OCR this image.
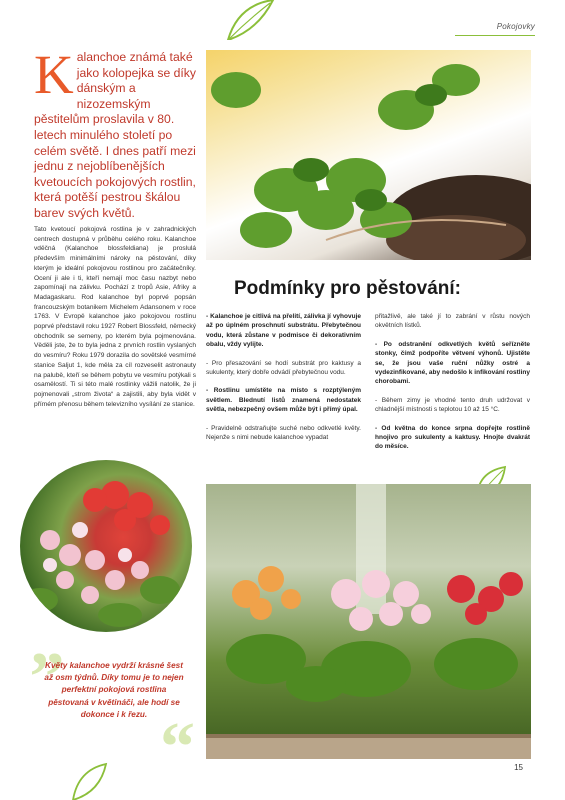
Pokojovky
Kalanchoe známá také jako kolopejka se díky dánským a nizozemským pěstitelům proslavila v 80. letech minulého století po celém světě. I dnes patří mezi jednu z nejoblíbenějších kvetoucích pokojových rostlin, která potěší pestrou škálou barev svých květů.

Tato kvetoucí pokojová rostlina je v zahradnických centrech dostupná v průběhu celého roku. Kalanchoe vděčná (Kalanchoe blossfeldiana) je proslulá především minimálními nároky na pěstování, díky kterým je ideální pokojovou rostlinou pro začátečníky. Ocení ji ale i ti, kteří nemají moc času nazbyt nebo zapomínají na zálivku. Pochází z tropů Asie, Afriky a Madagaskaru. Rod kalanchoe byl poprvé popsán francouzským botanikem Michelem Adansonem v roce 1763. V Evropě kalanchoe jako pokojovou rostlinu poprvé představil roku 1927 Robert Blossfeld, německý obchodník se semeny, po kterém byla pojmenována. Věděli jste, že to byla jedna z prvních rostlin vyslaných do vesmíru? Roku 1979 dorazila do sovětské vesmírné stanice Saljut 1, kde měla za cíl rozveselit astronauty na palubě, kteří se během pobytu ve vesmíru potýkali s osamělostí. Ti si této malé rostlinky vážili natolik, že ji pojmenovali „strom života“ a zajistili, aby byla vidět v přímém přenosu během televizního vysílání ze stanice.

Podmínky pro pěstování:

- Kalanchoe je citlivá na přelití, zálivka jí vyhovuje až po úplném proschnutí substrátu. Přebytečnou vodu, která zůstane v podmisce či dekorativním obalu, vždy vylijte.

- Pro přesazování se hodí substrát pro kaktusy a sukulenty, který dobře odvádí přebytečnou vodu.

- Rostlinu umístěte na místo s rozptýleným světlem. Blednutí listů znamená nedostatek světla, nebezpečný ovšem může být i přímý úpal.

- Pravidelně odstraňujte suché nebo odkvetlé květy. Nejenže s nimi nebude kalanchoe vypadat

přitažlivě, ale také jí to zabrání v růstu nových okvětních lístků.

- Po odstranění odkvetlých květů seřízněte stonky, čímž podpoříte větvení výhonů. Ujistěte se, že jsou vaše ruční nůžky ostré a vydezinfikované, aby nedošlo k infikování rostliny chorobami.

- Během zimy je vhodné tento druh udržovat v chladnější místnosti s teplotou 10 až 15 °C.

- Od května do konce srpna dopřejte rostlině hnojivo pro sukulenty a kaktusy. Hnojte dvakrát do měsíce.

„
Květy kalanchoe vydrží krásné šest až osm týdnů. Díky tomu je to nejen perfektní pokojová rostlina pěstovaná v květináči, ale hodí se dokonce i k řezu. “	15
